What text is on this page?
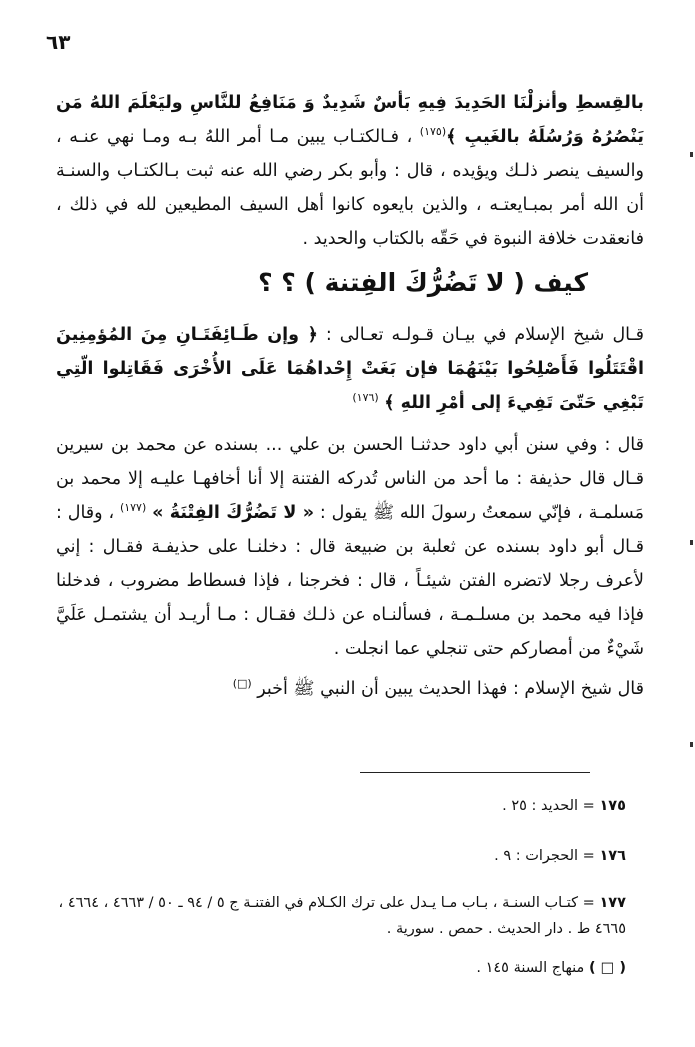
٦٣

بالقِسطِ وأنزلْنَا الحَدِيدَ فِيهِ بَأسٌ شَدِيدٌ وَ مَنَافِعُ للنَّاسِ وليَعْلَمَ اللهُ مَن يَنْصُرُهُ وَرُسُلَهُ بالغَيبِ ﴾$^{(١٧٥)}$ ، فـالكتـاب يبين مـا أمر اللهُ بـه ومـا نهي عنـه ، والسيف ينصر ذلـك ويؤيده ، قال : وأبو بكر رضي الله عنه ثبت بـالكتـاب والسنـة أن الله أمر بمبـايعتـه ، والذين بايعوه كانوا أهل السيف المطيعين لله في ذلك ، فانعقدت خلافة النبوة في حَقّه بالكتاب والحديد .

كيف ( لا تَضُرُّكَ الفِتنة ) ؟ ؟

قـال شيخ الإسلام في بيـان قـولـه تعـالى : ﴿ وإن طَـائِفَتَـانِ مِنَ المُؤمِنِينَ اقْتَتَلُوا فَأَصْلِحُوا بَيْنَهُمَا فإن بَغَتْ إِحْداهُمَا عَلَى الأُخْرَى فَقَاتِلوا الّتِي تَبْغِي حَتّىَ تَفِيءَ إلى أمْرِ اللهِ ﴾ $^{(١٧٦)}$

قال : وفي سنن أبي داود حدثنـا الحسن بن علي ... بسنده عن محمد بن سيرين قـال قال حذيفة : ما أحد من الناس تُدركه الفتنة إلا أنا أخافهـا عليـه إلا محمد بن مَسلمـة ، فإنّي سمعتُ رسولَ الله ﷺ يقول : « لا تَضُرُّكَ الفِتْنَةُ » $^{(١٧٧)}$ ، وقال : قـال أبو داود بسنده عن ثعلبة بن ضبيعة قال : دخلنـا على حذيفـة فقـال : إني لأعرف رجلا لاتضره الفتن شيئـاً ، قال : فخرجنا ، فإذا فسطاط مضروب ، فدخلنا فإذا فيه محمد بن مسلـمـة ، فسألنـاه عن ذلـك فقـال : مـا أريـد أن يشتمـل عَلَيَّ شَيْءٌ من أمصاركم حتى تنجلي عما انجلت .

قال شيخ الإسلام : فهذا الحديث يبين أن النبي ﷺ أخبر (□)

١٧٥ = الحديد : ٢٥ .

١٧٦ = الحجرات : ٩ .

١٧٧ = كتـاب السنـة ، بـاب مـا يـدل على ترك الكـلام في الفتنـة ج ٥ / ٩٤ ـ ٥٠ / ٤٦٦٣ ، ٤٦٦٤ ، ٤٦٦٥ ط . دار الحديث . حمص . سورية .

( □ ) منهاج السنة ١٤٥ .
